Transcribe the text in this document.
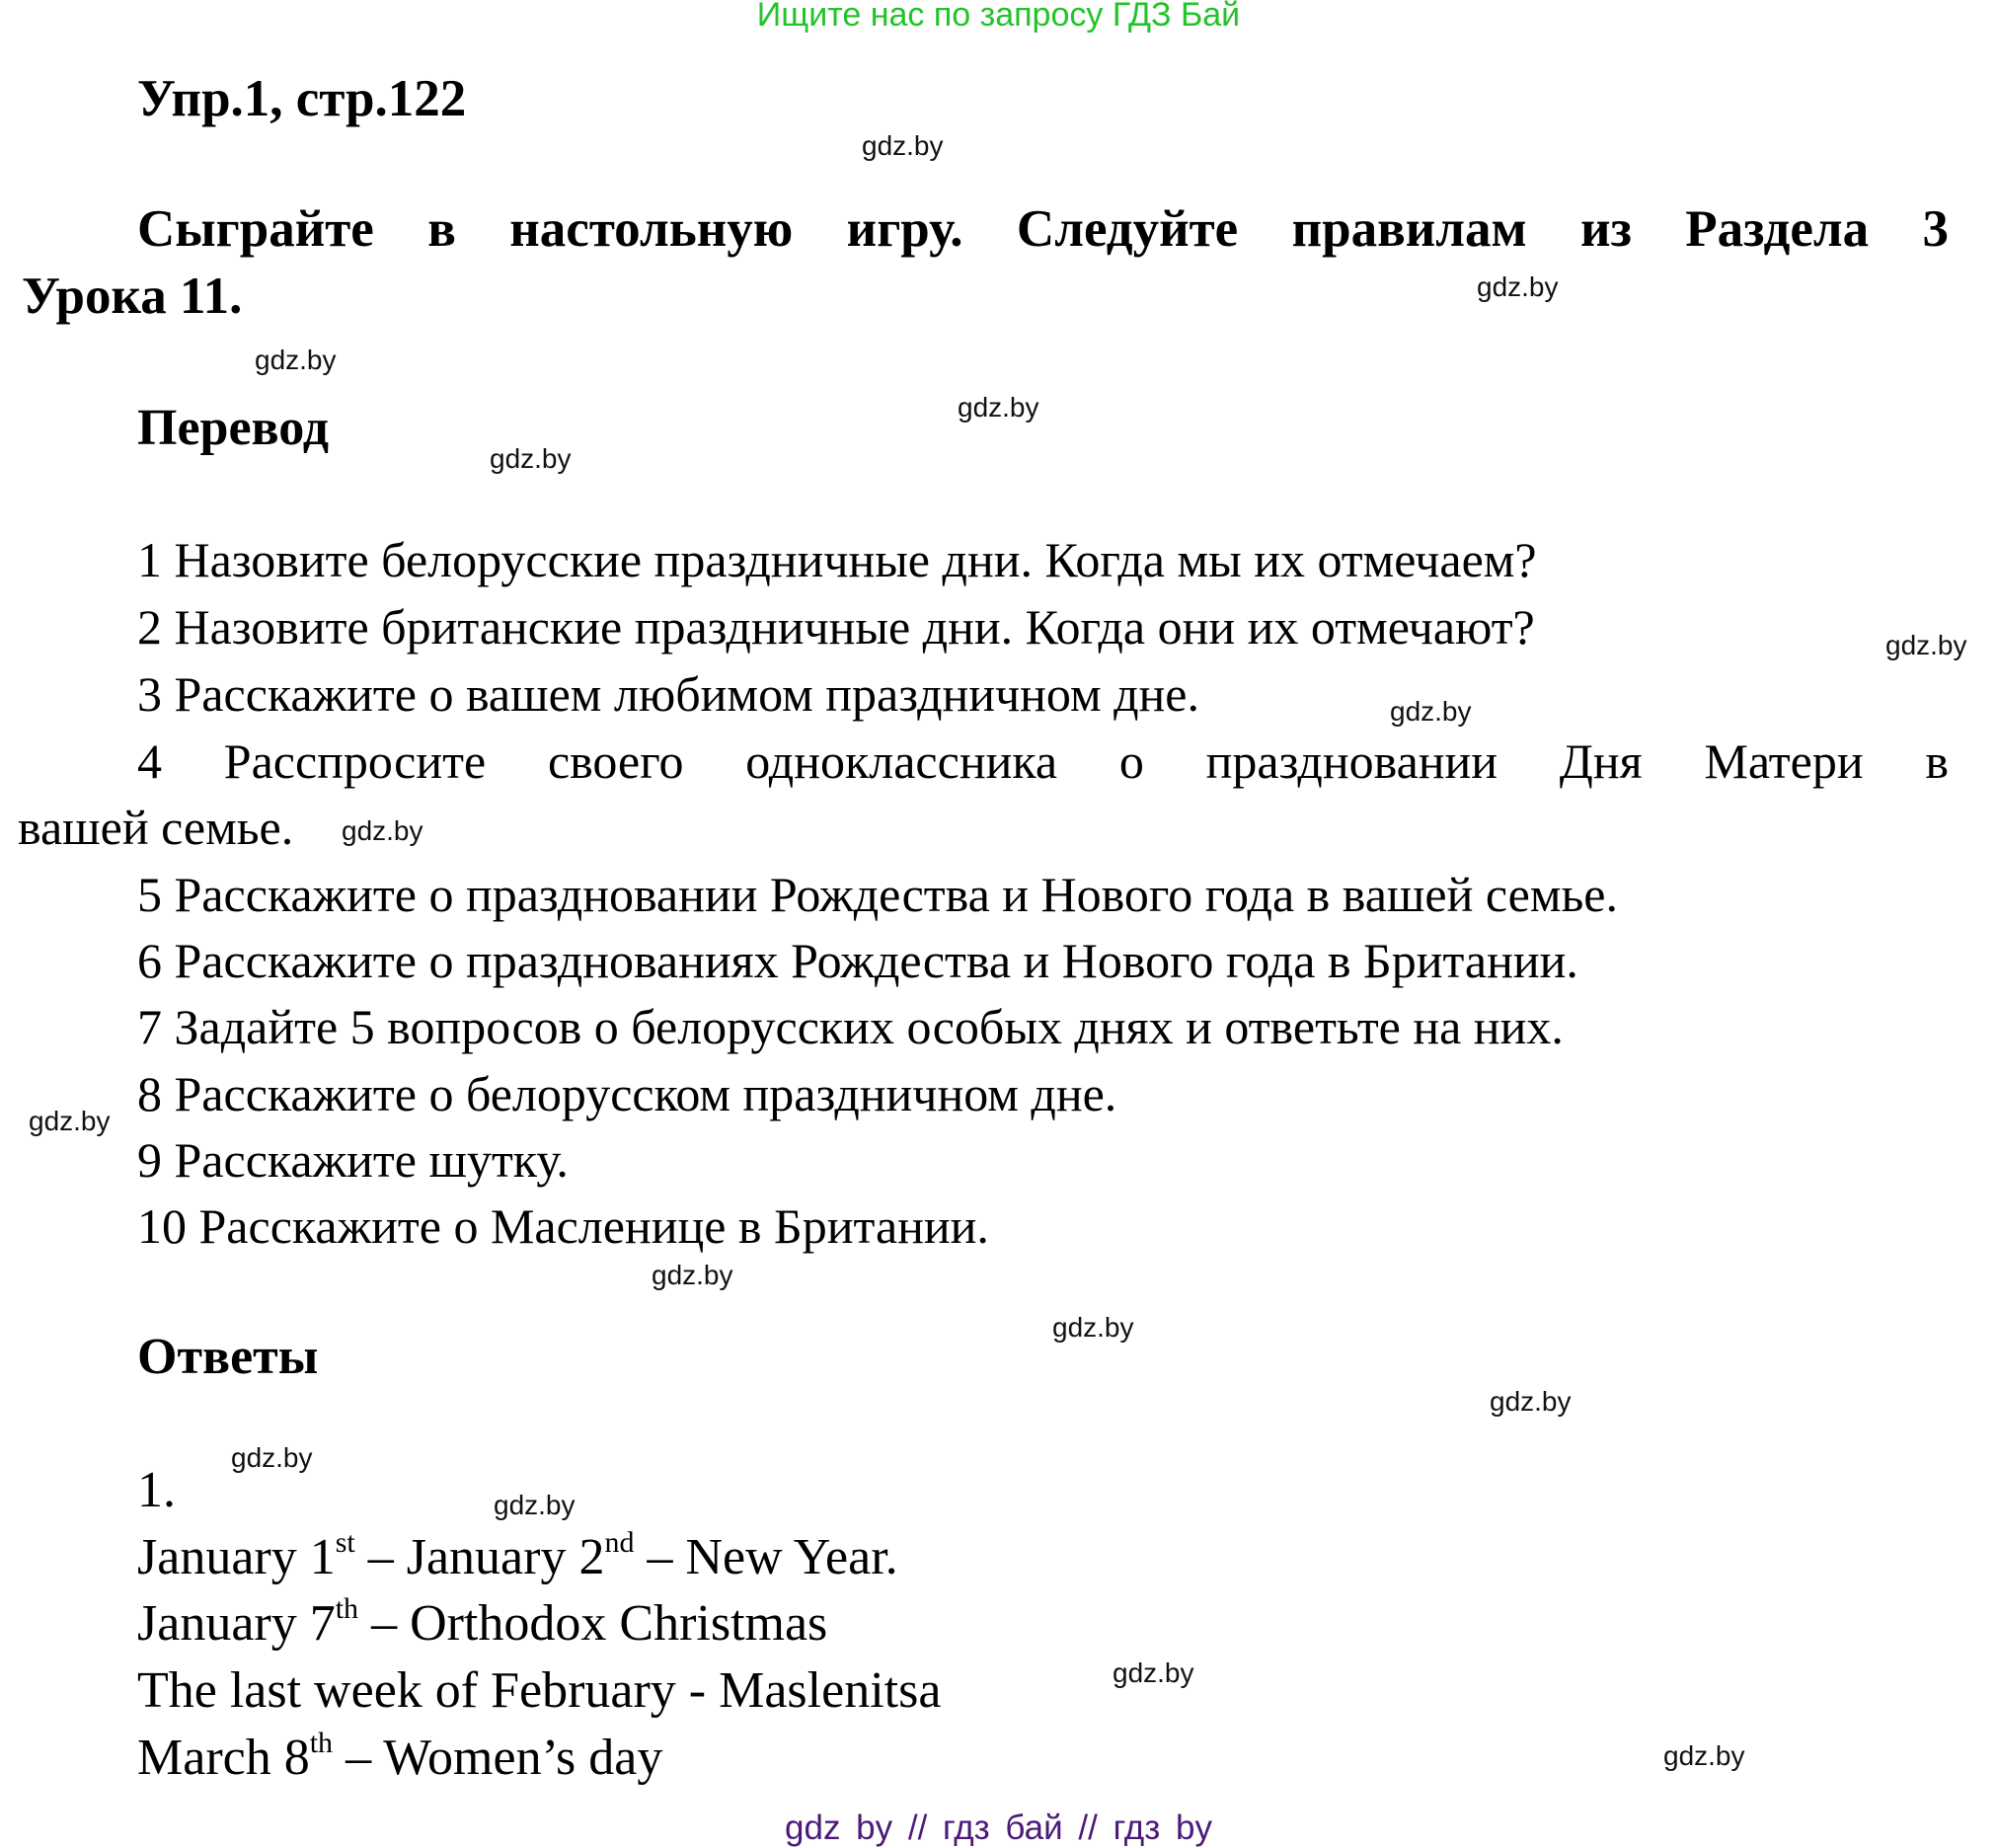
Ищите нас по запросу ГДЗ Бай
Упр.1, стр.122
Сыграйте в настольную игру. Следуйте правилам из Раздела 3
Урока 11.
Перевод
1 Назовите белорусские праздничные дни. Когда мы их отмечаем?
2 Назовите британские праздничные дни. Когда они их отмечают?
3 Расскажите о вашем любимом праздничном дне.
4 Расспросите своего одноклассника о праздновании Дня Матери в
вашей семье.
5 Расскажите о праздновании Рождества и Нового года в вашей семье.
6 Расскажите о празднованиях Рождества и Нового года в Британии.
7 Задайте 5 вопросов о белорусских особых днях и ответьте на них.
8 Расскажите о белорусском праздничном дне.
9 Расскажите шутку.
10 Расскажите о Масленице в Британии.
Ответы
1.
January 1st – January 2nd – New Year.
January 7th – Orthodox Christmas
The last week of February - Maslenitsa
March 8th – Women’s day
gdz.by
gdz.by
gdz.by
gdz.by
gdz.by
gdz.by
gdz.by
gdz.by
gdz.by
gdz.by
gdz.by
gdz.by
gdz.by
gdz.by
gdz.by
gdz.by
gdz by // гдз бай // гдз by
